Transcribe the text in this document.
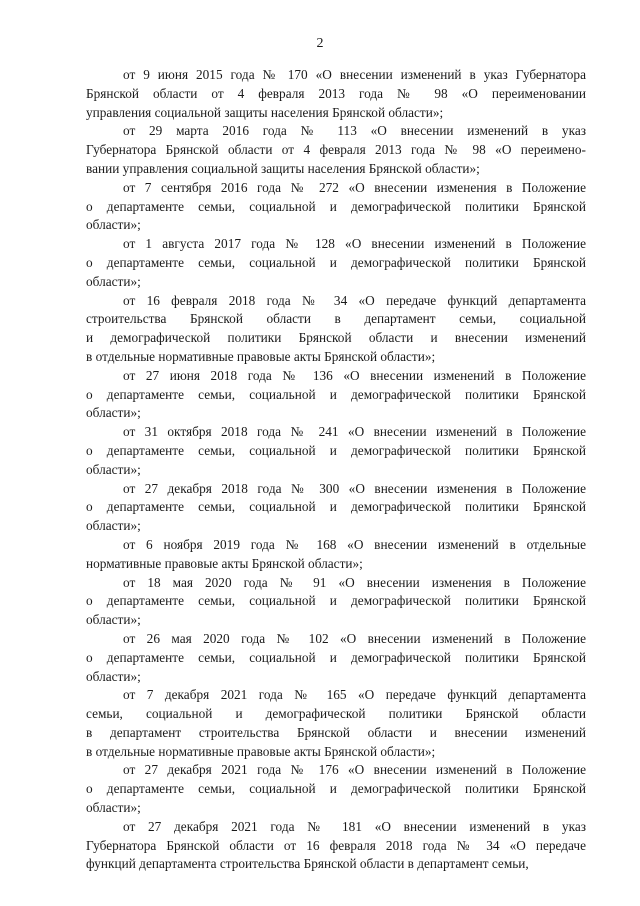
2
от 9 июня 2015 года № 170 «О внесении изменений в указ Губернатора
Брянской области от 4 февраля 2013 года № 98 «О переименовании
управления социальной защиты населения Брянской области»;
от 29 марта 2016 года № 113 «О внесении изменений в указ
Губернатора Брянской области от 4 февраля 2013 года № 98 «О переимено-
вании управления социальной защиты населения Брянской области»;
от 7 сентября 2016 года № 272 «О внесении изменения в Положение
о департаменте семьи, социальной и демографической политики Брянской
области»;
от 1 августа 2017 года № 128 «О внесении изменений в Положение
о департаменте семьи, социальной и демографической политики Брянской
области»;
от 16 февраля 2018 года № 34 «О передаче функций департамента
строительства Брянской области в департамент семьи, социальной
и демографической политики Брянской области и внесении изменений
в отдельные нормативные правовые акты Брянской области»;
от 27 июня 2018 года № 136 «О внесении изменений в Положение
о департаменте семьи, социальной и демографической политики Брянской
области»;
от 31 октября 2018 года № 241 «О внесении изменений в Положение
о департаменте семьи, социальной и демографической политики Брянской
области»;
от 27 декабря 2018 года № 300 «О внесении изменения в Положение
о департаменте семьи, социальной и демографической политики Брянской
области»;
от 6 ноября 2019 года № 168 «О внесении изменений в отдельные
нормативные правовые акты Брянской области»;
от 18 мая 2020 года № 91 «О внесении изменения в Положение
о департаменте семьи, социальной и демографической политики Брянской
области»;
от 26 мая 2020 года № 102 «О внесении изменений в Положение
о департаменте семьи, социальной и демографической политики Брянской
области»;
от 7 декабря 2021 года № 165 «О передаче функций департамента
семьи, социальной и демографической политики Брянской области
в департамент строительства Брянской области и внесении изменений
в отдельные нормативные правовые акты Брянской области»;
от 27 декабря 2021 года № 176 «О внесении изменений в Положение
о департаменте семьи, социальной и демографической политики Брянской
области»;
от 27 декабря 2021 года № 181 «О внесении изменений в указ
Губернатора Брянской области от 16 февраля 2018 года № 34 «О передаче
функций департамента строительства Брянской области в департамент семьи,
